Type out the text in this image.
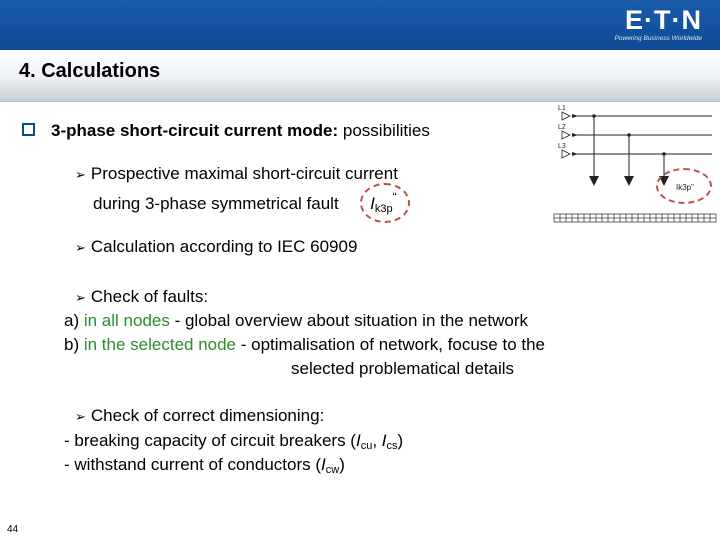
E·T·N
Powering Business Worldwide
4. Calculations
3-phase short-circuit current mode: possibilities
➢ Prospective maximal short-circuit current
during 3-phase symmetrical fault $I_{k3p}^“$
➢ Calculation according to IEC 60909
➢ Check of faults:
a) in all nodes - global overview about situation in the network
b) in the selected node - optimalisation of network, focuse to the
selected problematical details
➢ Check of correct dimensioning:
- breaking capacity of circuit breakers ($I_{cu}$, $I_{cs}$)
- withstand current of conductors $(I_{cw})$
L1
L2
L3
Ik3p”
44
